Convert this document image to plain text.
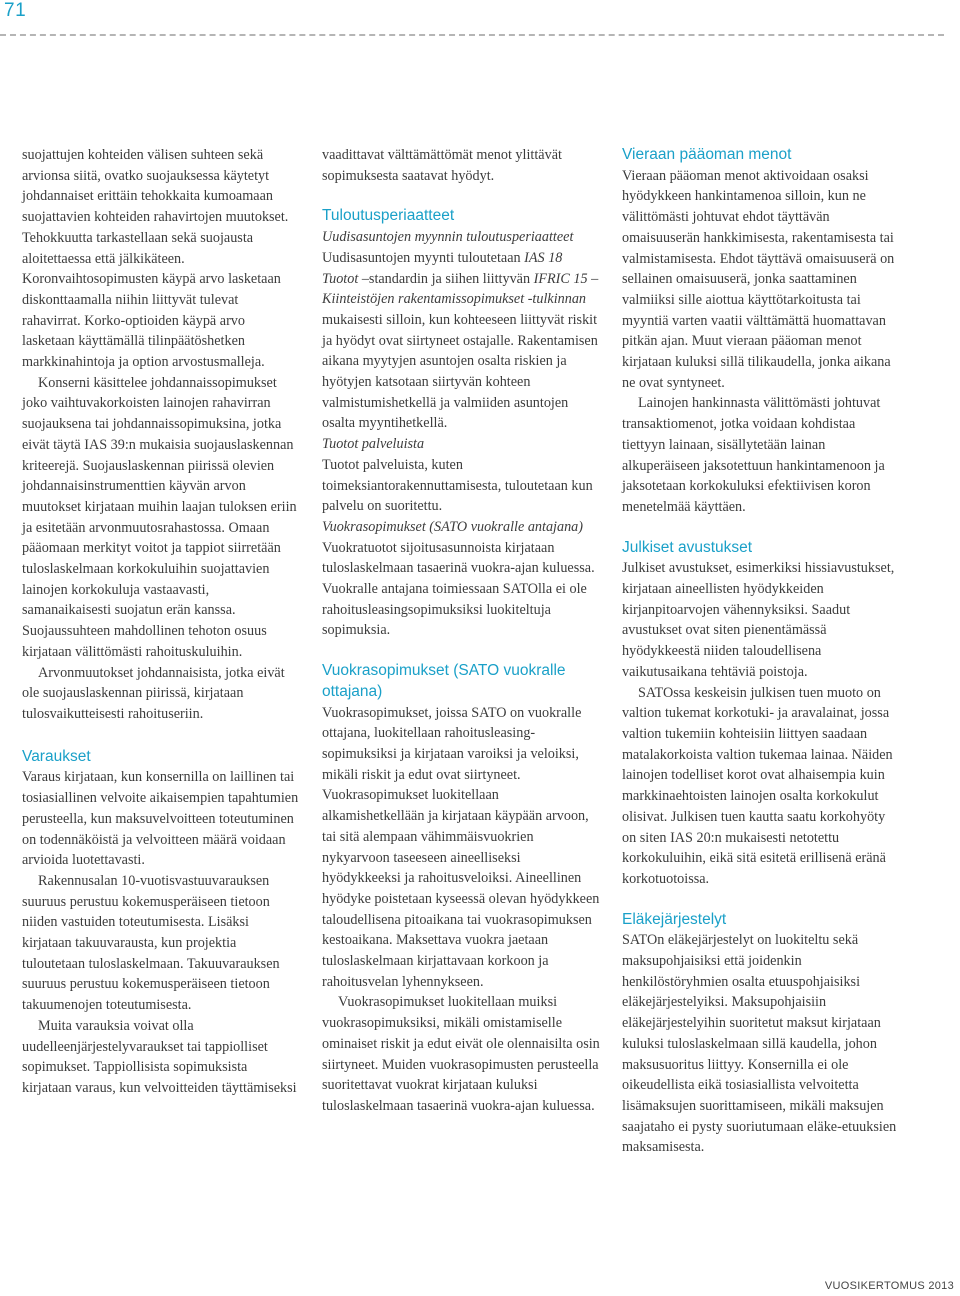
71

suojattujen kohteiden välisen suhteen sekä arvionsa siitä, ovatko suojauksessa käytetyt johdannaiset erittäin tehokkaita kumoamaan suojattavien kohteiden rahavirtojen muutokset. Tehokkuutta tarkastellaan sekä suojausta aloitettaessa että jälkikäteen. Koronvaihtosopimusten käypä arvo lasketaan diskonttaamalla niihin liittyvät tulevat rahavirrat. Korko-optioiden käypä arvo lasketaan käyttämällä tilinpäätöshetken markkinahintoja ja option arvostusmalleja.

Konserni käsittelee johdannaissopimukset joko vaihtuvakorkoisten lainojen rahavirran suojauksena tai johdannaissopimuksina, jotka eivät täytä IAS 39:n mukaisia suojauslaskennan kriteerejä. Suojauslaskennan piirissä olevien johdannaisinstrumenttien käyvän arvon muutokset kirjataan muihin laajan tuloksen eriin ja esitetään arvonmuutosrahastossa. Omaan pääomaan merkityt voitot ja tappiot siirretään tuloslaskelmaan korkokuluihin suojattavien lainojen korkokuluja vastaavasti, samanaikaisesti suojatun erän kanssa. Suojaussuhteen mahdollinen tehoton osuus kirjataan välittömästi rahoituskuluihin.

Arvonmuutokset johdannaisista, jotka eivät ole suojauslaskennan piirissä, kirjataan tulosvaikutteisesti rahoituseriin.

Varaukset

Varaus kirjataan, kun konsernilla on laillinen tai tosiasiallinen velvoite aikaisempien tapahtumien perusteella, kun maksuvelvoitteen toteutuminen on todennäköistä ja velvoitteen määrä voidaan arvioida luotettavasti.

Rakennusalan 10-vuotisvastuuvarauksen suuruus perustuu kokemusperäiseen tietoon niiden vastuiden toteutumisesta. Lisäksi kirjataan takuuvarausta, kun projektia tuloutetaan tuloslaskelmaan. Takuuvarauksen suuruus perustuu kokemusperäiseen tietoon takuumenojen toteutumisesta.

Muita varauksia voivat olla uudelleenjärjestelyvaraukset tai tappiolliset sopimukset. Tappiollisista sopimuksista kirjataan varaus, kun velvoitteiden täyttämiseksi

vaadittavat välttämättömät menot ylittävät sopimuksesta saatavat hyödyt.

Tuloutusperiaatteet

Uudisasuntojen myynnin tuloutusperiaatteet

Uudisasuntojen myynti tuloutetaan IAS 18 Tuotot –standardin ja siihen liittyvän IFRIC 15 – Kiinteistöjen rakentamissopimukset -tulkinnan mukaisesti silloin, kun kohteeseen liittyvät riskit ja hyödyt ovat siirtyneet ostajalle. Rakentamisen aikana myytyjen asuntojen osalta riskien ja hyötyjen katsotaan siirtyvän kohteen valmistumishetkellä ja valmiiden asuntojen osalta myyntihetkellä.

Tuotot palveluista

Tuotot palveluista, kuten toimeksiantorakennuttamisesta, tuloutetaan kun palvelu on suoritettu.

Vuokrasopimukset (SATO vuokralle antajana)

Vuokratuotot sijoitusasunnoista kirjataan tuloslaskelmaan tasaerinä vuokra-ajan kuluessa. Vuokralle antajana toimiessaan SATOlla ei ole rahoitusleasingsopimuksiksi luokiteltuja sopimuksia.

Vuokrasopimukset (SATO vuokralle ottajana)

Vuokrasopimukset, joissa SATO on vuokralle ottajana, luokitellaan rahoitusleasing-sopimuksiksi ja kirjataan varoiksi ja veloiksi, mikäli riskit ja edut ovat siirtyneet. Vuokrasopimukset luokitellaan alkamishetkellään ja kirjataan käypään arvoon, tai sitä alempaan vähimmäisvuokrien nykyarvoon taseeseen aineelliseksi hyödykkeeksi ja rahoitusveloiksi. Aineellinen hyödyke poistetaan kyseessä olevan hyödykkeen taloudellisena pitoaikana tai vuokrasopimuksen kestoaikana. Maksettava vuokra jaetaan tuloslaskelmaan kirjattavaan korkoon ja rahoitusvelan lyhennykseen.

Vuokrasopimukset luokitellaan muiksi vuokrasopimuksiksi, mikäli omistamiselle ominaiset riskit ja edut eivät ole olennaisilta osin siirtyneet. Muiden vuokrasopimusten perusteella suoritettavat vuokrat kirjataan kuluksi tuloslaskelmaan tasaerinä vuokra-ajan kuluessa.

Vieraan pääoman menot

Vieraan pääoman menot aktivoidaan osaksi hyödykkeen hankintamenoa silloin, kun ne välittömästi johtuvat ehdot täyttävän omaisuuserän hankkimisesta, rakentamisesta tai valmistamisesta. Ehdot täyttävä omaisuuserä on sellainen omaisuuserä, jonka saattaminen valmiiksi sille aiottua käyttötarkoitusta tai myyntiä varten vaatii välttämättä huomattavan pitkän ajan. Muut vieraan pääoman menot kirjataan kuluksi sillä tilikaudella, jonka aikana ne ovat syntyneet.

Lainojen hankinnasta välittömästi johtuvat transaktiomenot, jotka voidaan kohdistaa tiettyyn lainaan, sisällytetään lainan alkuperäiseen jaksotettuun hankintamenoon ja jaksotetaan korkokuluksi efektiivisen koron menetelmää käyttäen.

Julkiset avustukset

Julkiset avustukset, esimerkiksi hissiavustukset, kirjataan aineellisten hyödykkeiden kirjanpitoarvojen vähennyksiksi. Saadut avustukset ovat siten pienentämässä hyödykkeestä niiden taloudellisena vaikutusaikana tehtäviä poistoja.

SATOssa keskeisin julkisen tuen muoto on valtion tukemat korkotuki- ja aravalainat, jossa valtion tukemiin kohteisiin liittyen saadaan matalakorkoista valtion tukemaa lainaa. Näiden lainojen todelliset korot ovat alhaisempia kuin markkinaehtoisten lainojen osalta korkokulut olisivat. Julkisen tuen kautta saatu korkohyöty on siten IAS 20:n mukaisesti netotettu korkokuluihin, eikä sitä esitetä erillisenä eränä korkotuotoissa.

Eläkejärjestelyt

SATOn eläkejärjestelyt on luokiteltu sekä maksupohjaisiksi että joidenkin henkilöstöryhmien osalta etuuspohjaisiksi eläkejärjestelyiksi. Maksupohjaisiin eläkejärjestelyihin suoritetut maksut kirjataan kuluksi tuloslaskelmaan sillä kaudella, johon maksusuoritus liittyy. Konsernilla ei ole oikeudellista eikä tosiasiallista velvoitetta lisämaksujen suorittamiseen, mikäli maksujen saajataho ei pysty suoriutumaan eläke-etuuksien maksamisesta.

VUOSIKERTOMUS 2013
